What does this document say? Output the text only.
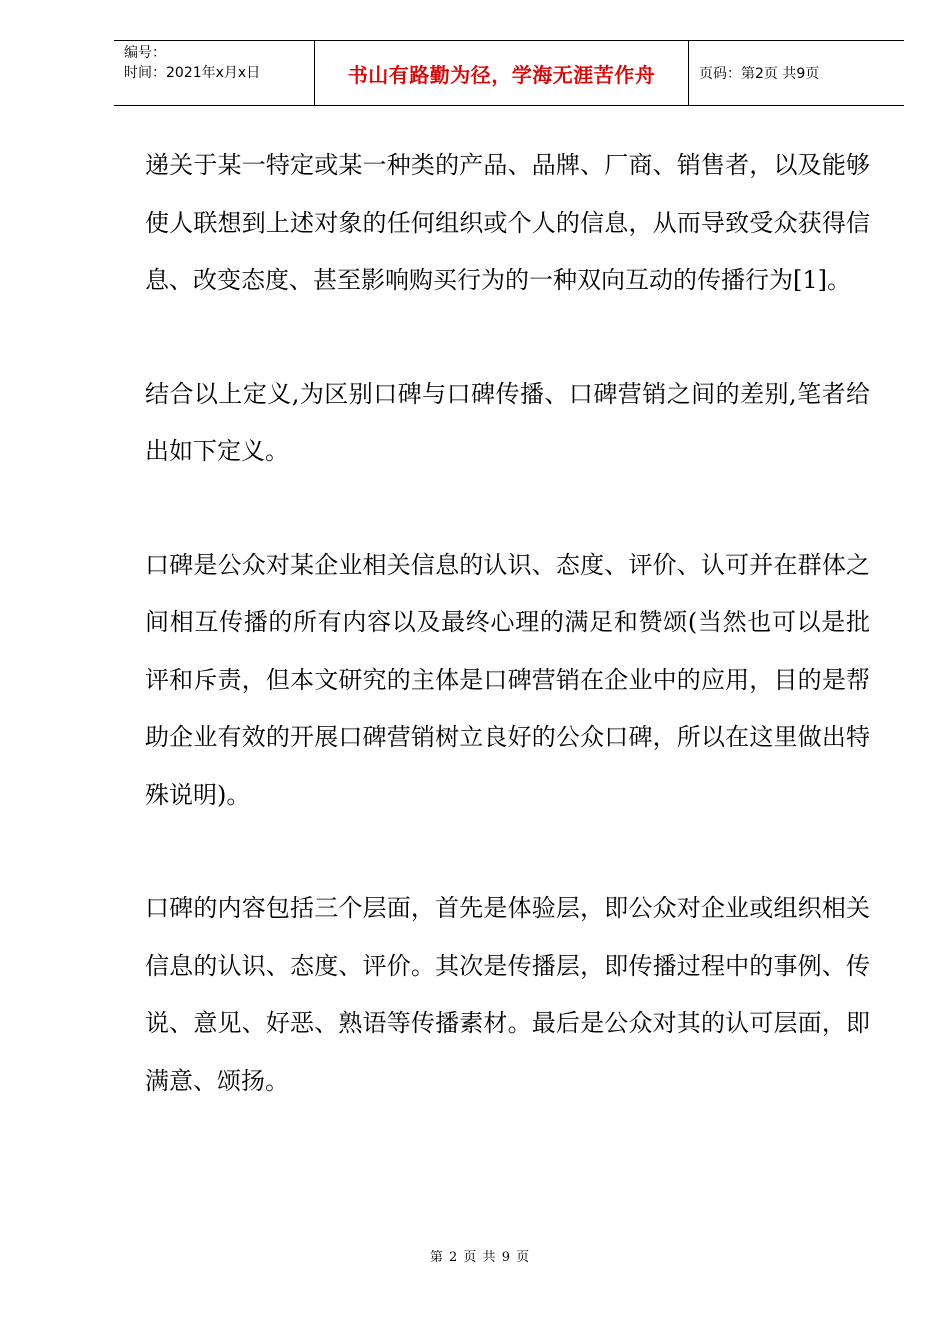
编号：
时间：2021年x月x日	书山有路勤为径，学海无涯苦作舟	页码：第2页 共9页

递关于某一特定或某一种类的产品、品牌、厂商、销售者，以及能够使人联想到上述对象的任何组织或个人的信息，从而导致受众获得信息、改变态度、甚至影响购买行为的一种双向互动的传播行为[1]。

结合以上定义,为区别口碑与口碑传播、口碑营销之间的差别,笔者给出如下定义。

口碑是公众对某企业相关信息的认识、态度、评价、认可并在群体之间相互传播的所有内容以及最终心理的满足和赞颂(当然也可以是批评和斥责，但本文研究的主体是口碑营销在企业中的应用，目的是帮助企业有效的开展口碑营销树立良好的公众口碑，所以在这里做出特殊说明)。

口碑的内容包括三个层面，首先是体验层，即公众对企业或组织相关信息的认识、态度、评价。其次是传播层，即传播过程中的事例、传说、意见、好恶、熟语等传播素材。最后是公众对其的认可层面，即满意、颂扬。

第 2 页 共 9 页
